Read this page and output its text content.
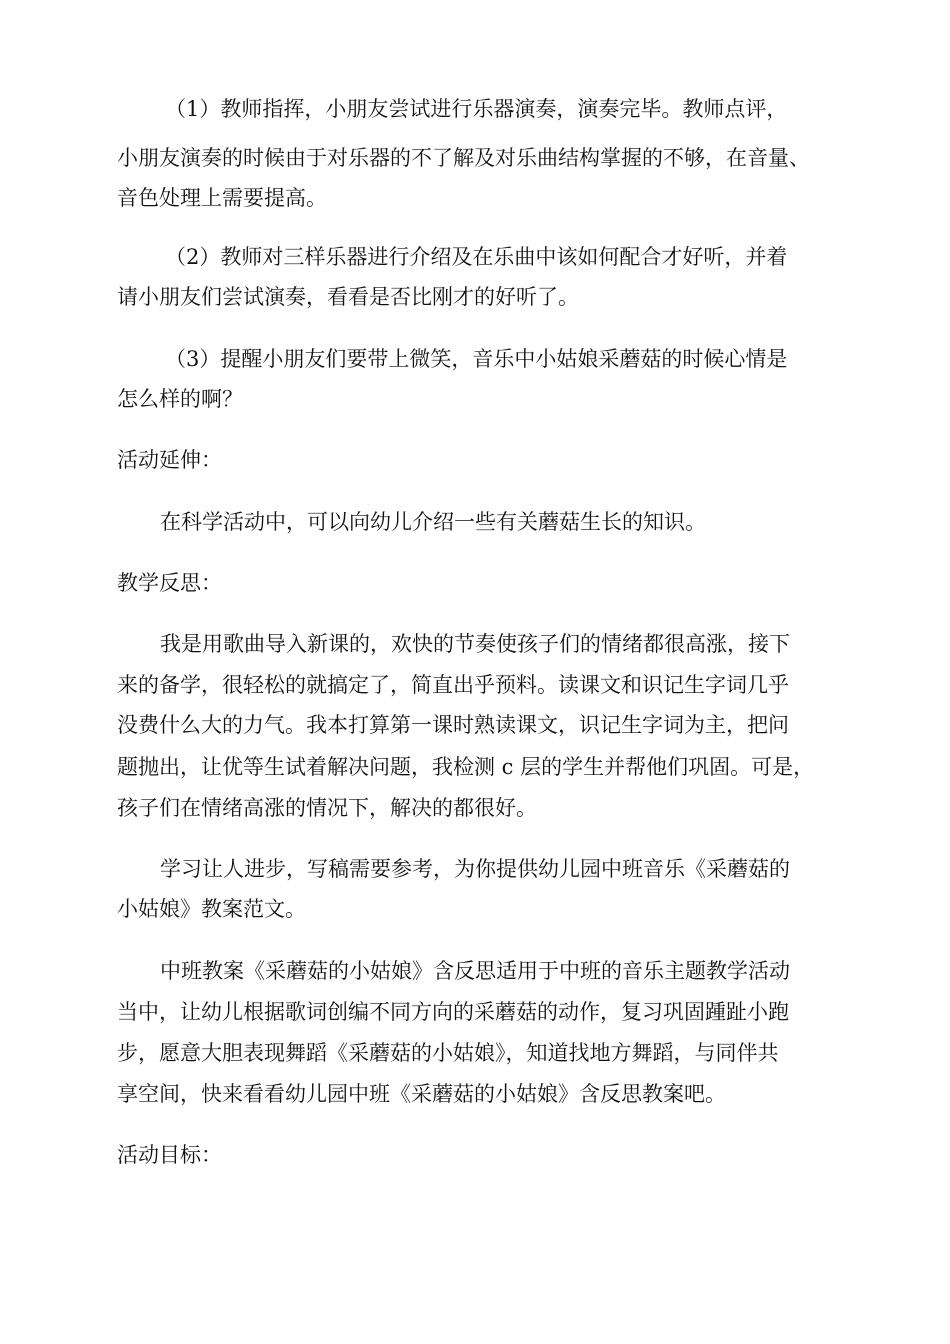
（1）教师指挥，小朋友尝试进行乐器演奏，演奏完毕。教师点评，
小朋友演奏的时候由于对乐器的不了解及对乐曲结构掌握的不够，在音量、
音色处理上需要提高。
（2）教师对三样乐器进行介绍及在乐曲中该如何配合才好听，并着
请小朋友们尝试演奏，看看是否比刚才的好听了。
（3）提醒小朋友们要带上微笑，音乐中小姑娘采蘑菇的时候心情是
怎么样的啊？
活动延伸：
在科学活动中，可以向幼儿介绍一些有关蘑菇生长的知识。
教学反思：
我是用歌曲导入新课的，欢快的节奏使孩子们的情绪都很高涨，接下
来的备学，很轻松的就搞定了，简直出乎预料。读课文和识记生字词几乎
没费什么大的力气。我本打算第一课时熟读课文，识记生字词为主，把问
题抛出，让优等生试着解决问题，我检测 c 层的学生并帮他们巩固。可是，
孩子们在情绪高涨的情况下，解决的都很好。
学习让人进步，写稿需要参考，为你提供幼儿园中班音乐《采蘑菇的
小姑娘》教案范文。
中班教案《采蘑菇的小姑娘》含反思适用于中班的音乐主题教学活动
当中，让幼儿根据歌词创编不同方向的采蘑菇的动作，复习巩固踵趾小跑
步，愿意大胆表现舞蹈《采蘑菇的小姑娘》，知道找地方舞蹈，与同伴共
享空间，快来看看幼儿园中班《采蘑菇的小姑娘》含反思教案吧。
活动目标：
